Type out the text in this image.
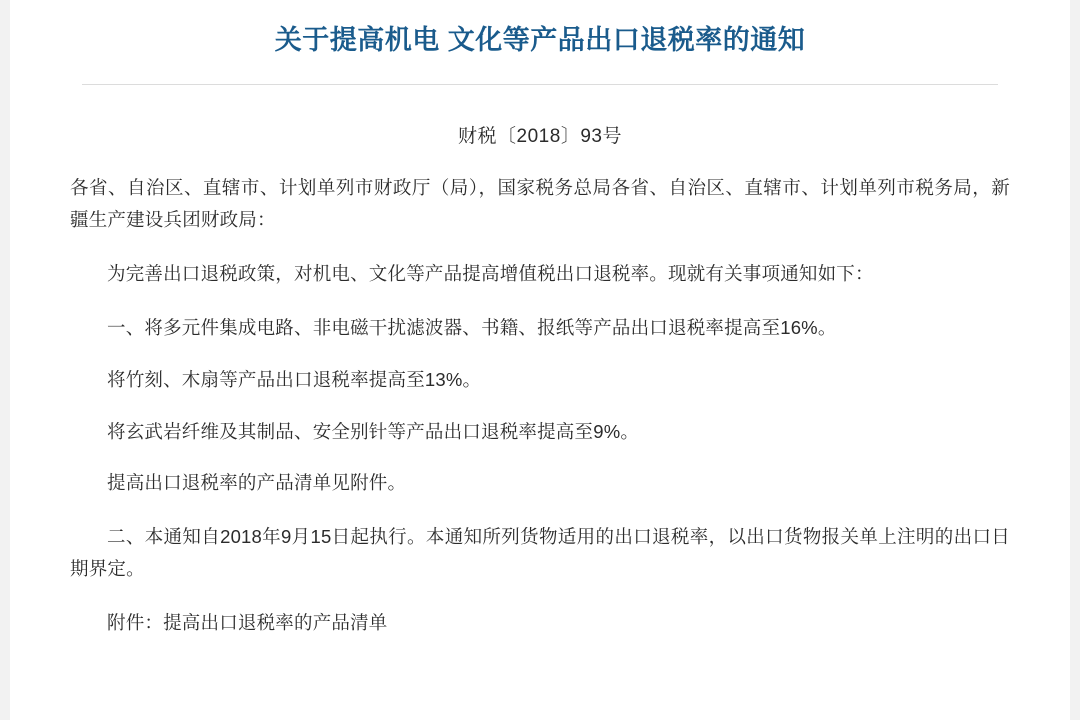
关于提高机电 文化等产品出口退税率的通知
财税〔2018〕93号

各省、自治区、直辖市、计划单列市财政厅（局），国家税务总局各省、自治区、直辖市、计划单列市税务局，新疆生产建设兵团财政局：

为完善出口退税政策，对机电、文化等产品提高增值税出口退税率。现就有关事项通知如下：

一、将多元件集成电路、非电磁干扰滤波器、书籍、报纸等产品出口退税率提高至16%。

将竹刻、木扇等产品出口退税率提高至13%。

将玄武岩纤维及其制品、安全别针等产品出口退税率提高至9%。

提高出口退税率的产品清单见附件。

二、本通知自2018年9月15日起执行。本通知所列货物适用的出口退税率，以出口货物报关单上注明的出口日期界定。

附件：提高出口退税率的产品清单
